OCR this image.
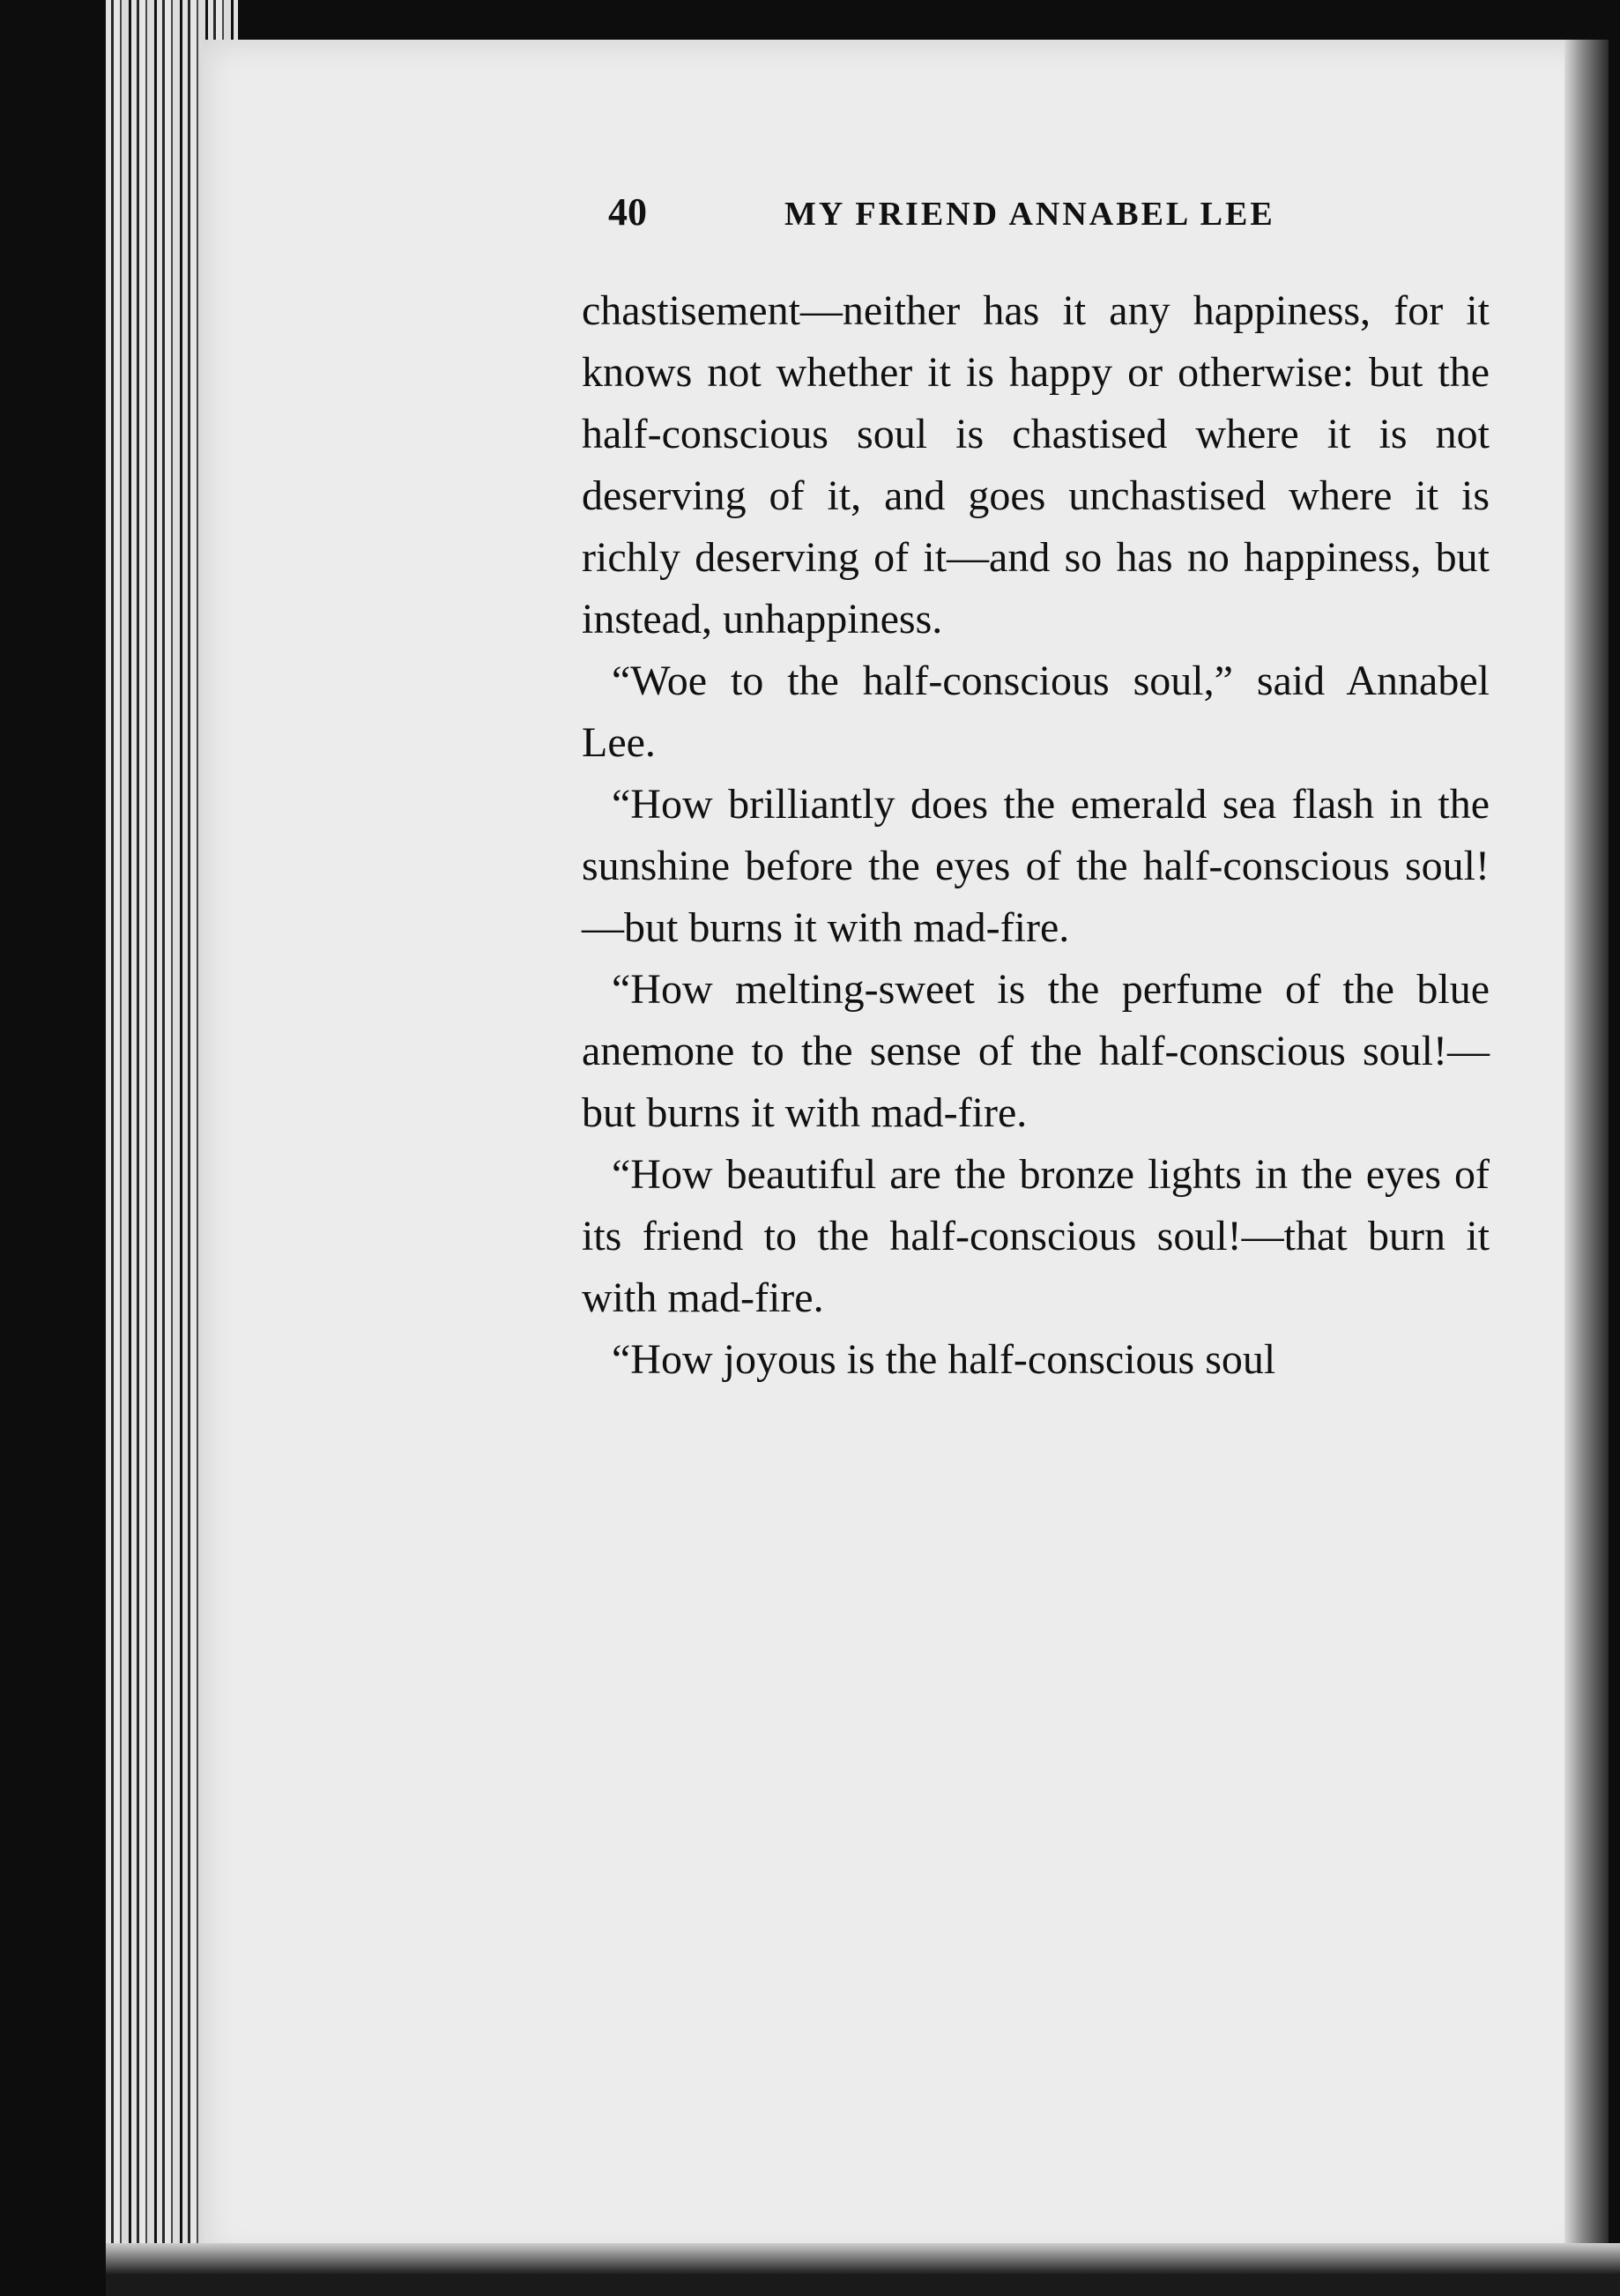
40	MY FRIEND ANNABEL LEE

chastisement—neither has it any happiness, for it knows not whether it is happy or otherwise: but the half-conscious soul is chastised where it is not deserving of it, and goes unchastised where it is richly deserving of it—and so has no happiness, but instead, unhappiness.

“Woe to the half-conscious soul,” said Annabel Lee.

“How brilliantly does the emerald sea flash in the sunshine before the eyes of the half-conscious soul!—but burns it with mad-fire.

“How melting-sweet is the perfume of the blue anemone to the sense of the half-conscious soul!—but burns it with mad-fire.

“How beautiful are the bronze lights in the eyes of its friend to the half-conscious soul!—that burn it with mad-fire.

“How joyous is the half-conscious soul
